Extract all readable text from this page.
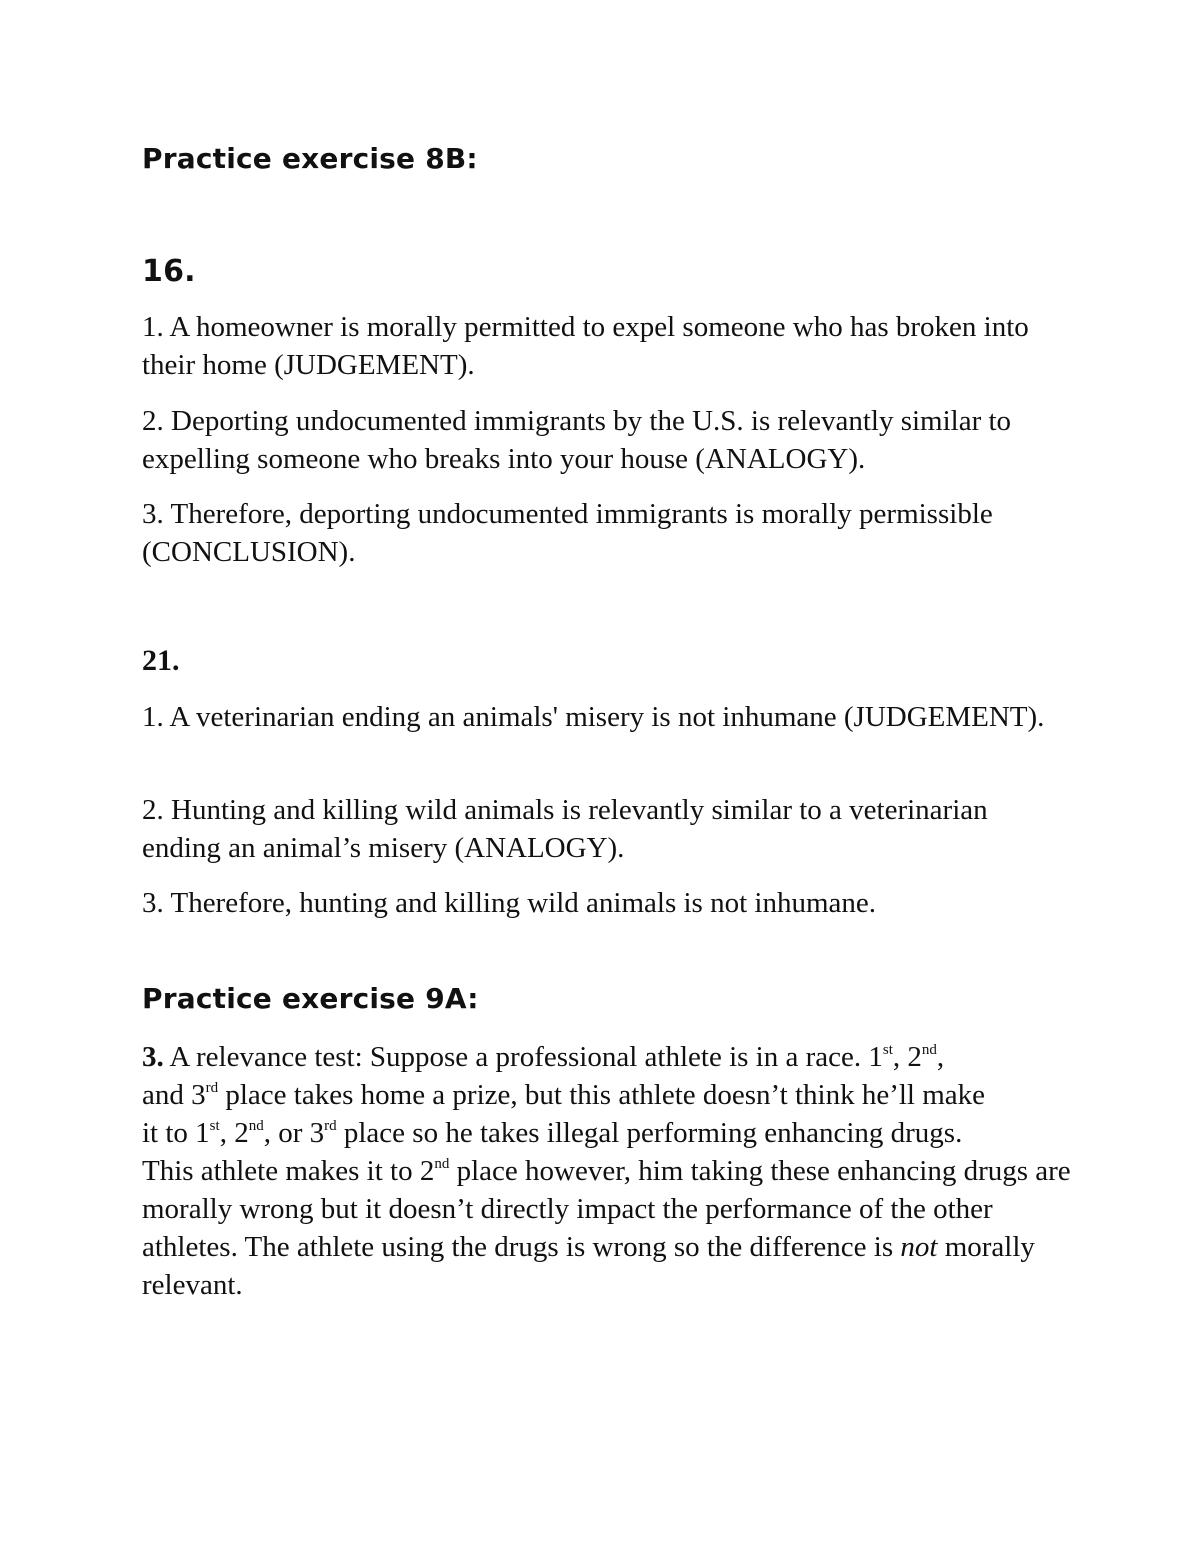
Practice exercise 8B:
16.

1. A homeowner is morally permitted to expel someone who has broken into their home (JUDGEMENT).

2. Deporting undocumented immigrants by the U.S. is relevantly similar to expelling someone who breaks into your house (ANALOGY).

3. Therefore, deporting undocumented immigrants is morally permissible (CONCLUSION).

21.

1. A veterinarian ending an animals' misery is not inhumane (JUDGEMENT).

2. Hunting and killing wild animals is relevantly similar to a veterinarian ending an animal’s misery (ANALOGY).

3. Therefore, hunting and killing wild animals is not inhumane.

Practice exercise 9A:

3. A relevance test: Suppose a professional athlete is in a race. 1st, 2nd,
and 3rd place takes home a prize, but this athlete doesn’t think he’ll make
it to 1st, 2nd, or 3rd place so he takes illegal performing enhancing drugs.
This athlete makes it to 2nd place however, him taking these enhancing drugs are morally wrong but it doesn’t directly impact the performance of the other athletes. The athlete using the drugs is wrong so the difference is not morally relevant.
